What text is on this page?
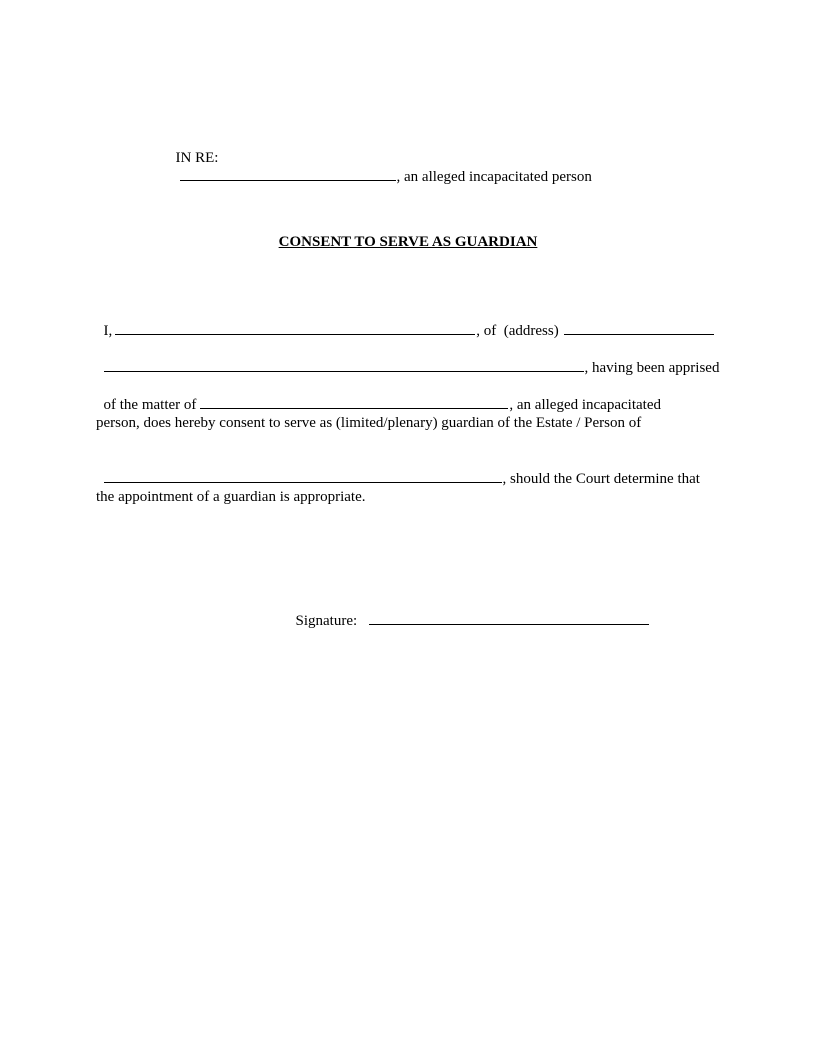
IN RE:
, an alleged incapacitated person

CONSENT TO SERVE AS GUARDIAN

I,	, of  (address)

, having been apprised

of the matter of	, an alleged incapacitated

person, does hereby consent to serve as (limited/plenary) guardian of the Estate / Person of

, should the Court determine that

the appointment of a guardian is appropriate.

Signature:
